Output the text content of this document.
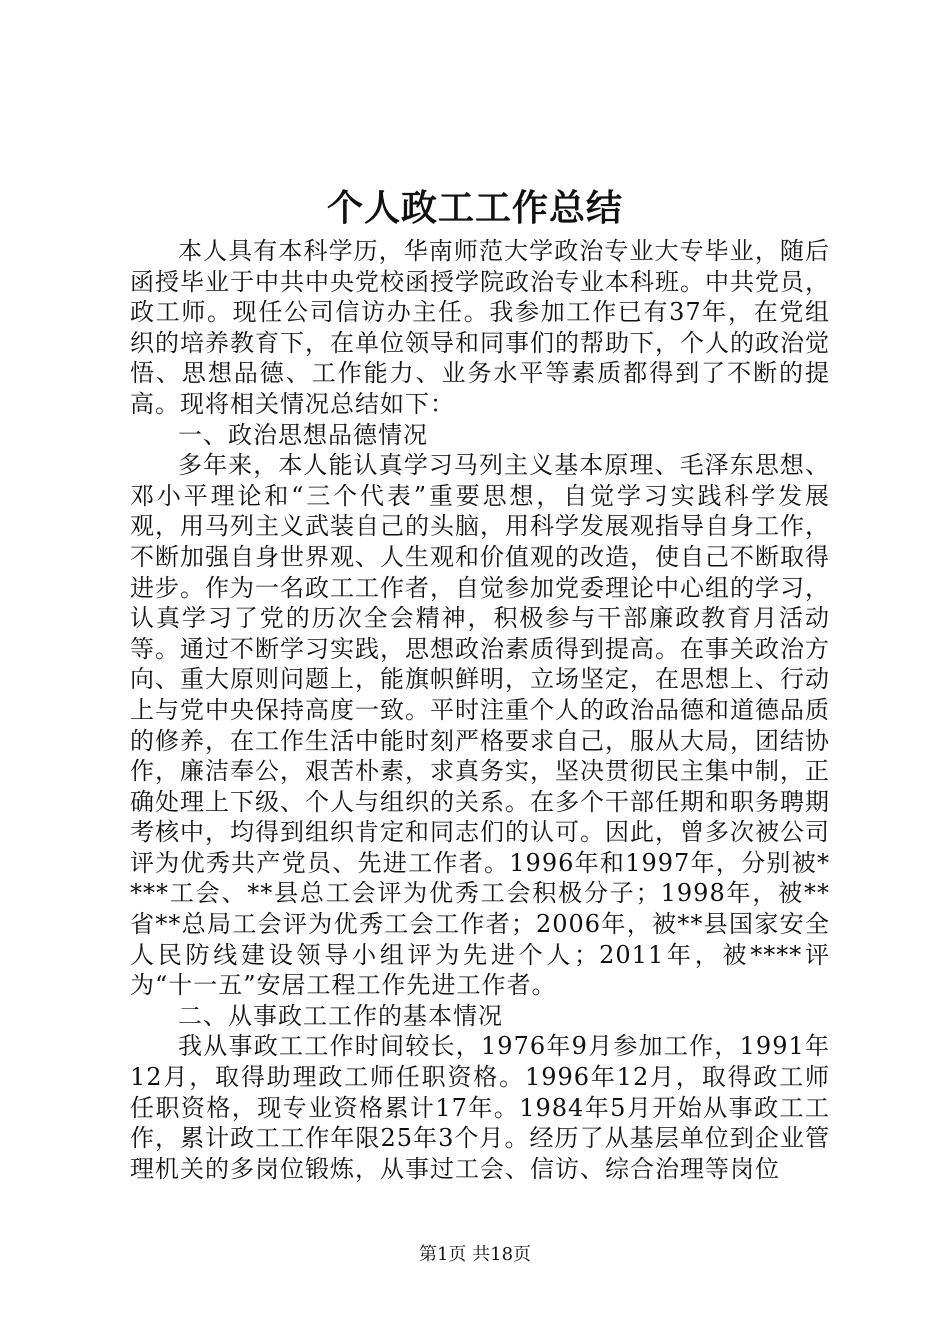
个人政工工作总结

本人具有本科学历，华南师范大学政治专业大专毕业，随后函授毕业于中共中央党校函授学院政治专业本科班。中共党员，政工师。现任公司信访办主任。我参加工作已有37年，在党组织的培养教育下，在单位领导和同事们的帮助下，个人的政治觉悟、思想品德、工作能力、业务水平等素质都得到了不断的提高。现将相关情况总结如下：

一、政治思想品德情况

多年来，本人能认真学习马列主义基本原理、毛泽东思想、邓小平理论和“三个代表”重要思想，自觉学习实践科学发展观，用马列主义武装自己的头脑，用科学发展观指导自身工作，不断加强自身世界观、人生观和价值观的改造，使自己不断取得进步。作为一名政工工作者，自觉参加党委理论中心组的学习，认真学习了党的历次全会精神，积极参与干部廉政教育月活动等。通过不断学习实践，思想政治素质得到提高。在事关政治方向、重大原则问题上，能旗帜鲜明，立场坚定，在思想上、行动上与党中央保持高度一致。平时注重个人的政治品德和道德品质的修养，在工作生活中能时刻严格要求自己，服从大局，团结协作，廉洁奉公，艰苦朴素，求真务实，坚决贯彻民主集中制，正确处理上下级、个人与组织的关系。在多个干部任期和职务聘期考核中，均得到组织肯定和同志们的认可。因此，曾多次被公司评为优秀共产党员、先进工作者。1996年和1997年，分别被****工会、**县总工会评为优秀工会积极分子；1998年，被**省**总局工会评为优秀工会工作者；2006年，被**县国家安全人民防线建设领导小组评为先进个人；2011年，被****评为“十一五”安居工程工作先进工作者。

二、从事政工工作的基本情况

我从事政工工作时间较长，1976年9月参加工作，1991年12月，取得助理政工师任职资格。1996年12月，取得政工师任职资格，现专业资格累计17年。1984年5月开始从事政工工作，累计政工工作年限25年3个月。经历了从基层单位到企业管理机关的多岗位锻炼，从事过工会、信访、综合治理等岗位

第1页 共18页
